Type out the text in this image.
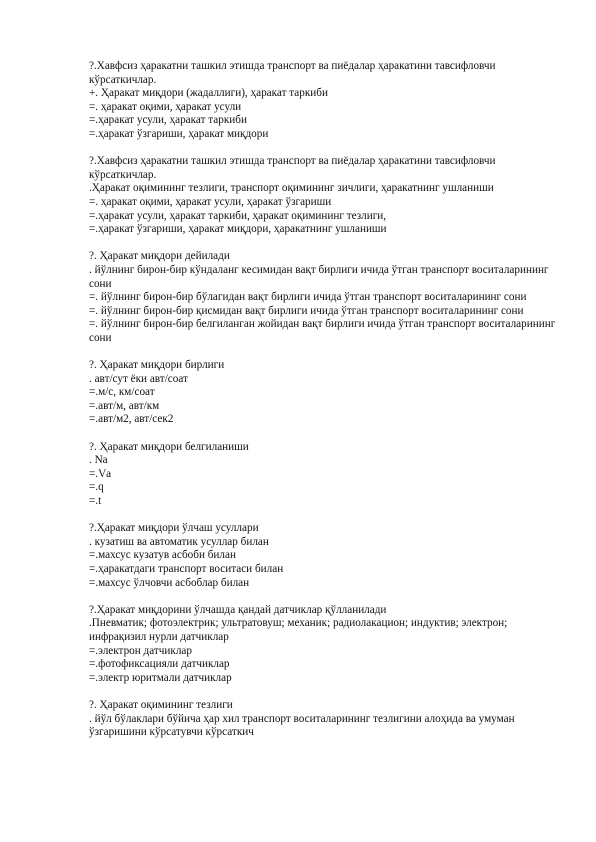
?.Хавфсиз ҳаракатни ташкил этишда транспорт ва пиёдалар ҳаракатини тавсифловчи кўрсаткичлар.
+. Ҳаракат миқдори (жадаллиги), ҳаракат таркиби
=. ҳаракат оқими, ҳаракат усули
=.ҳаракат усули, ҳаракат таркиби
=.ҳаракат ўзгариши, ҳаракат миқдори
?.Хавфсиз ҳаракатни ташкил этишда транспорт ва пиёдалар ҳаракатини тавсифловчи кўрсаткичлар.
.Ҳаракат оқимининг тезлиги, транспорт оқимининг зичлиги, ҳаракатнинг ушланиши
=. ҳаракат оқими, ҳаракат усули, ҳаракат ўзгариши
=.ҳаракат усули, ҳаракат таркиби, ҳаракат оқимининг тезлиги,
=.ҳаракат ўзгариши, ҳаракат миқдори, ҳаракатнинг ушланиши
?. Ҳаракат миқдори дейилади
. йўлнинг бирон-бир кўндаланг кесимидан вақт бирлиги ичида ўтган транспорт воситаларининг сони
=. йўлнинг бирон-бир бўлагидан вақт бирлиги ичида ўтган транспорт воситаларининг сони
=. йўлнинг бирон-бир қисмидан вақт бирлиги ичида ўтган транспорт воситаларининг сони
=. йўлнинг бирон-бир белгиланган жойидан вақт бирлиги ичида ўтган транспорт воситаларининг сони
?. Ҳаракат миқдори бирлиги
. авт/сут ёки авт/соат
=.м/с, км/соат
=.авт/м, авт/км
=.авт/м2, авт/сек2
?. Ҳаракат миқдори белгиланиши
. Nа
=.Vа
=.q
=.t
?.Ҳаракат миқдори ўлчаш усуллари
. кузатиш ва автоматик усуллар билан
=.махсус кузатув асбоби билан
=.ҳаракатдаги транспорт воситаси билан
=.махсус ўлчовчи асбоблар билан
?.Ҳаракат миқдорини ўлчашда қандай датчиклар қўлланилади
.Пневматик; фотоэлектрик; ультратовуш; механик; радиолакацион; индуктив; электрон; инфрақизил нурли датчиклар
=.электрон датчиклар
=.фотофиксацияли датчиклар
=.электр юритмали датчиклар
?. Ҳаракат оқимининг тезлиги
. йўл бўлаклари бўйича ҳар хил транспорт воситаларининг тезлигини алоҳида ва умуман ўзгаришини кўрсатувчи кўрсаткич
